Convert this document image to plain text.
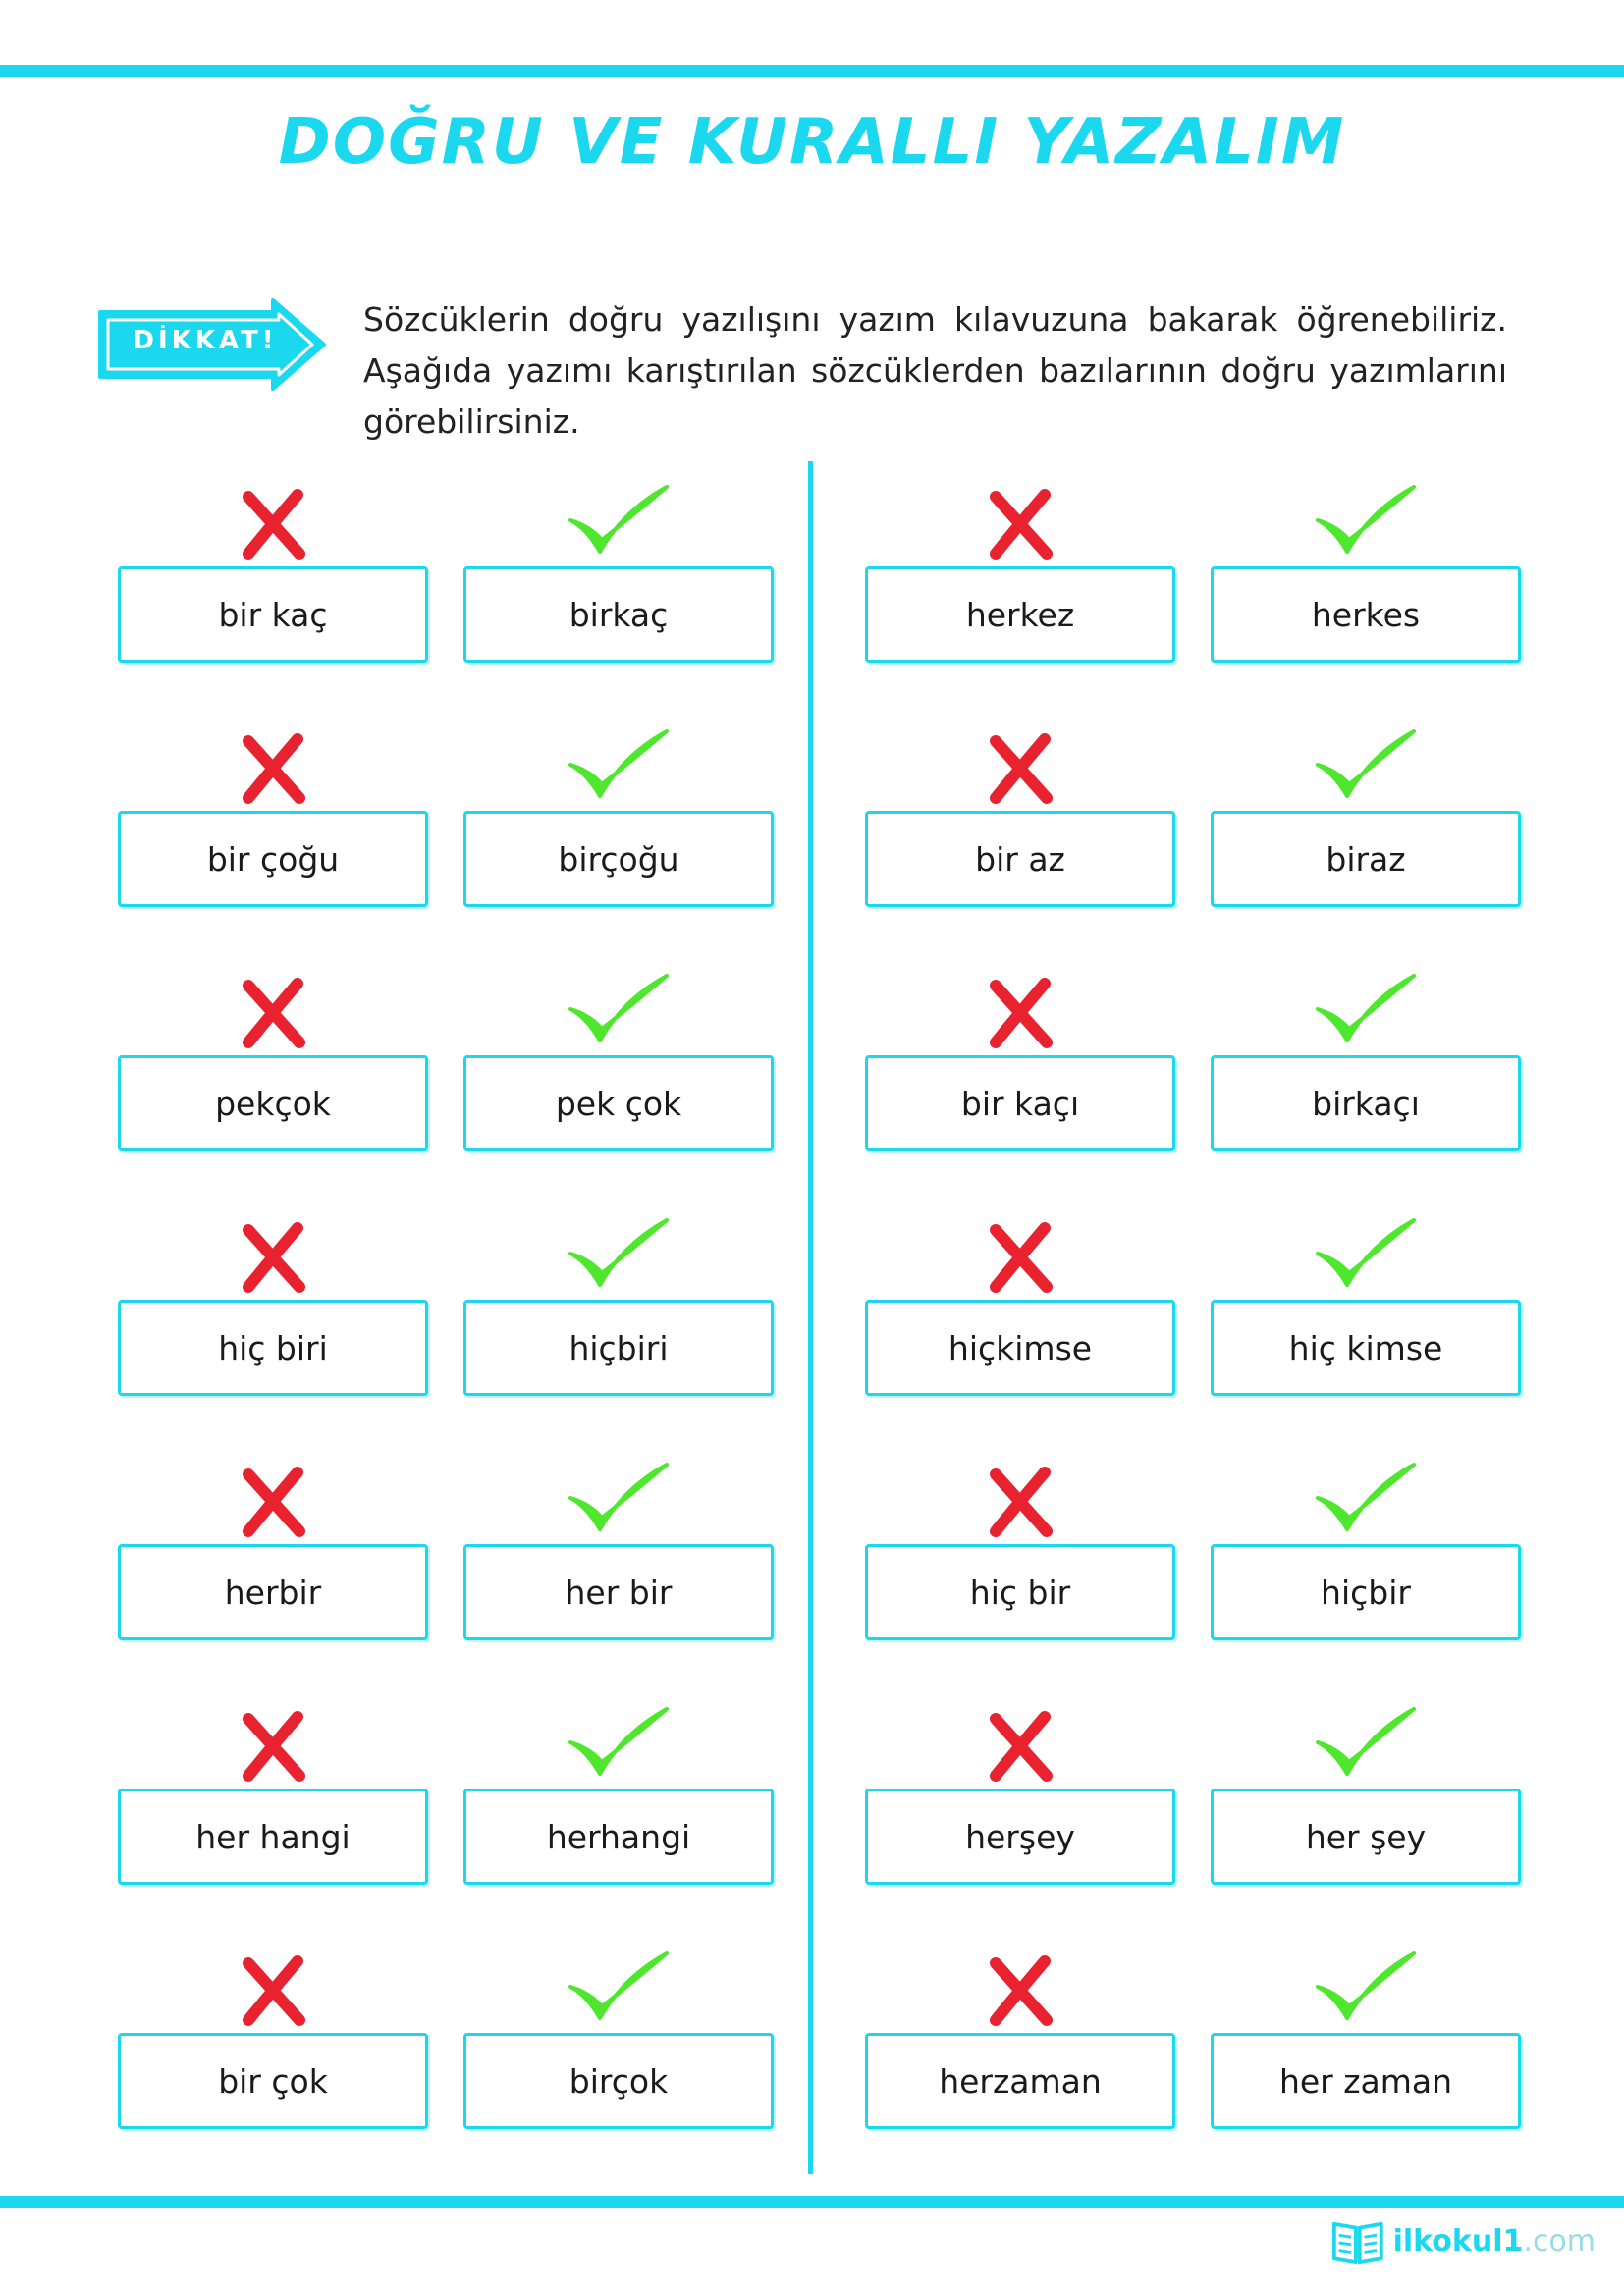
DOĞRU VE KURALLI YAZALIM
DİKKAT!
Sözcüklerin doğru yazılışını yazım kılavuzuna bakarak öğrenebiliriz. Aşağıda yazımı karıştırılan sözcüklerden bazılarının doğru yazımlarını görebilirsiniz.
bir kaç	birkaç
bir çoğu	birçoğu
pekçok	pek çok
hiç biri	hiçbiri
herbir	her bir
her hangi	herhangi
bir çok	birçok
herkez	herkes
bir az	biraz
bir kaçı	birkaçı
hiçkimse	hiç kimse
hiç bir	hiçbir
herşey	her şey
herzaman	her zaman
ilkokul1.com
